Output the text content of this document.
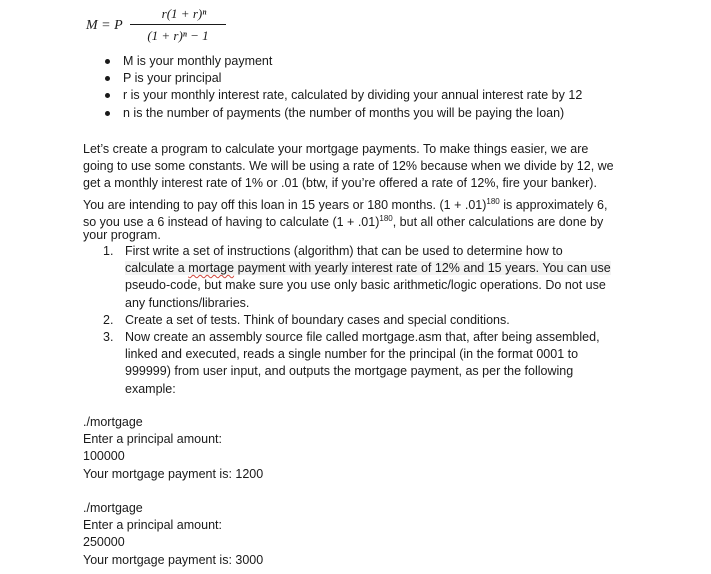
M = P
r(1 + r)ⁿ
(1 + r)ⁿ − 1
M is your monthly payment
P is your principal
r is your monthly interest rate, calculated by dividing your annual interest rate by 12
n is the number of payments (the number of months you will be paying the loan)

Let’s create a program to calculate your mortgage payments. To make things easier, we are
going to use some constants. We will be using a rate of 12% because when we divide by 12, we
get a monthly interest rate of 1% or .01 (btw, if you’re offered a rate of 12%, fire your banker).
You are intending to pay off this loan in 15 years or 180 months. $(1 + .01)^{180}$ is approximately 6,
so you use a 6 instead of having to calculate $(1 + .01)^{180}$, but all other calculations are done by
your program.

1. First write a set of instructions (algorithm) that can be used to determine how to
calculate a mortage payment with yearly interest rate of 12% and 15 years. You can use
pseudo-code, but make sure you use only basic arithmetic/logic operations. Do not use
any functions/libraries.
2. Create a set of tests. Think of boundary cases and special conditions.
3. Now create an assembly source file called mortgage.asm that, after being assembled,
linked and executed, reads a single number for the principal (in the format 0001 to
999999) from user input, and outputs the mortgage payment, as per the following
example:
./mortgage
Enter a principal amount:
100000
Your mortgage payment is: 1200
./mortgage
Enter a principal amount:
250000
Your mortgage payment is: 3000
